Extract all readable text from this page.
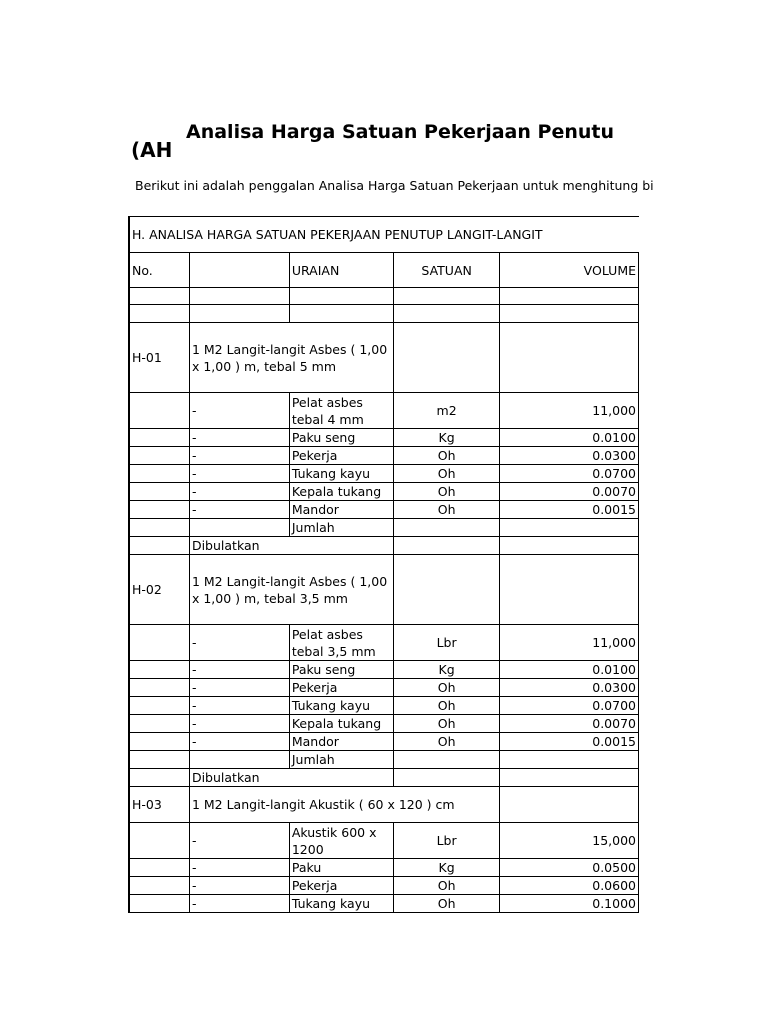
Analisa Harga Satuan Pekerjaan Penutu
(AH

Berikut ini adalah penggalan Analisa Harga Satuan Pekerjaan untuk menghitung bi

H. ANALISA HARGA SATUAN PEKERJAAN PENUTUP LANGIT-LANGIT				
No.		URAIAN	SATUAN	VOLUME

H-01	1 M2 Langit-langit Asbes ( 1,00 x 1,00 ) m, tebal 5 mm			
	-	Pelat asbes tebal 4 mm	m2	11,000
	-	Paku seng	Kg	0.0100
	-	Pekerja	Oh	0.0300
	-	Tukang kayu	Oh	0.0700
	-	Kepala tukang	Oh	0.0070
	-	Mandor	Oh	0.0015
		Jumlah		
	Dibulatkan			
H-02	1 M2 Langit-langit Asbes ( 1,00 x 1,00 ) m, tebal 3,5 mm			
	-	Pelat asbes tebal 3,5 mm	Lbr	11,000
	-	Paku seng	Kg	0.0100
	-	Pekerja	Oh	0.0300
	-	Tukang kayu	Oh	0.0700
	-	Kepala tukang	Oh	0.0070
	-	Mandor	Oh	0.0015
		Jumlah		
	Dibulatkan			
H-03	1 M2 Langit-langit Akustik ( 60 x 120 ) cm			
	-	Akustik 600 x 1200	Lbr	15,000
	-	Paku	Kg	0.0500
	-	Pekerja	Oh	0.0600
	-	Tukang kayu	Oh	0.1000
